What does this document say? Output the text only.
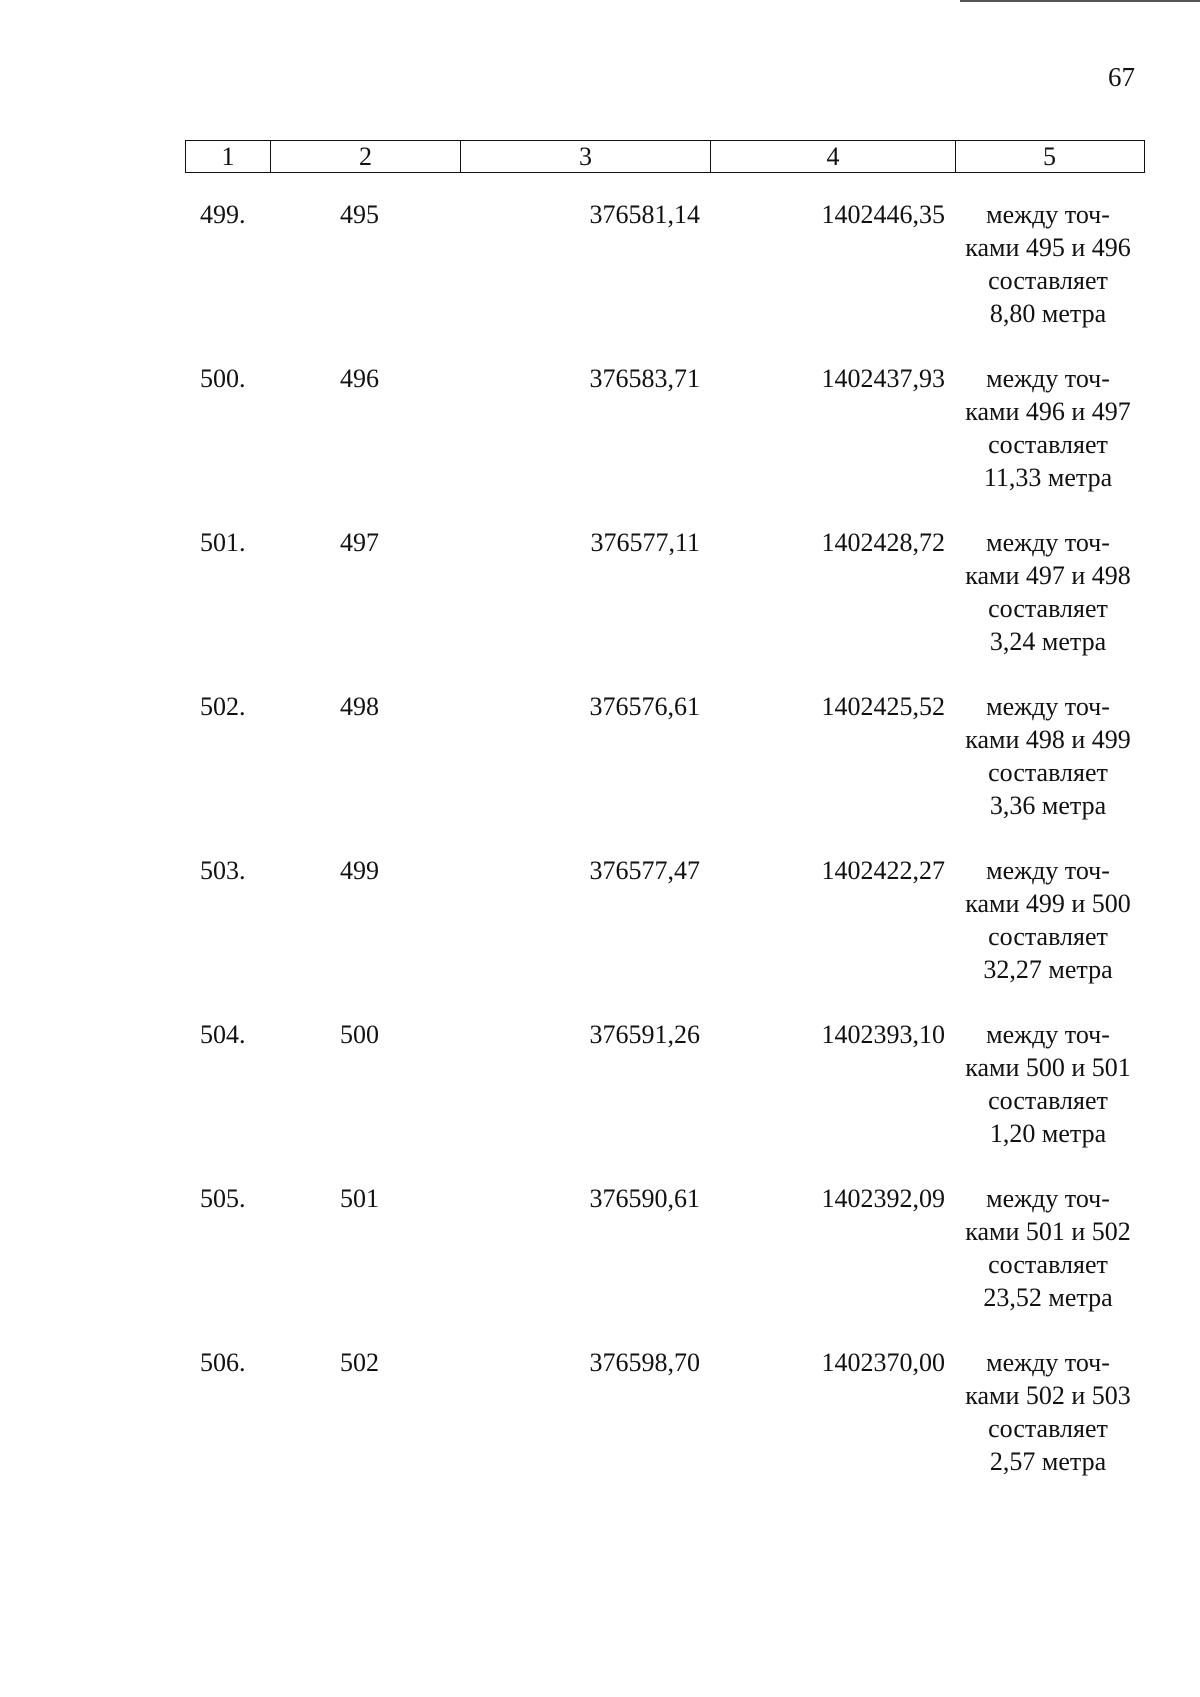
67
1	2	3	4	5
499.	495	376581,14	1402446,35	между точ-
ками 495 и 496
составляет
8,80 метра
500.	496	376583,71	1402437,93	между точ-
ками 496 и 497
составляет
11,33 метра
501.	497	376577,11	1402428,72	между точ-
ками 497 и 498
составляет
3,24 метра
502.	498	376576,61	1402425,52	между точ-
ками 498 и 499
составляет
3,36 метра
503.	499	376577,47	1402422,27	между точ-
ками 499 и 500
составляет
32,27 метра
504.	500	376591,26	1402393,10	между точ-
ками 500 и 501
составляет
1,20 метра
505.	501	376590,61	1402392,09	между точ-
ками 501 и 502
составляет
23,52 метра
506.	502	376598,70	1402370,00	между точ-
ками 502 и 503
составляет
2,57 метра
